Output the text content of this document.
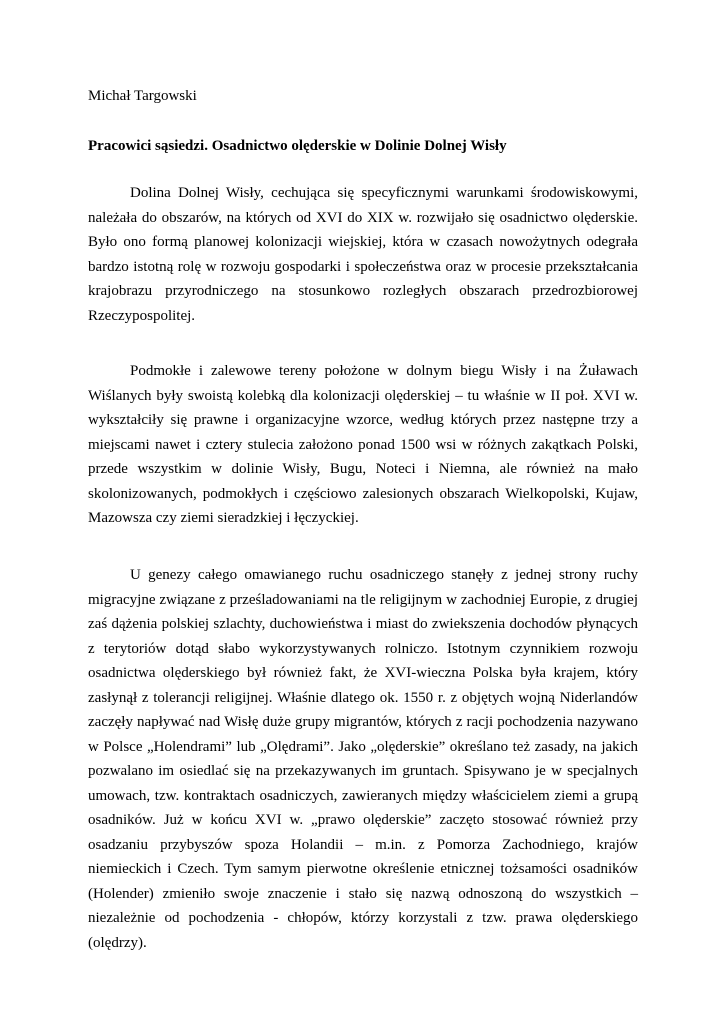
Michał Targowski
Pracowici sąsiedzi. Osadnictwo olęderskie w Dolinie Dolnej Wisły

Dolina Dolnej Wisły, cechująca się specyficznymi warunkami środowiskowymi, należała do obszarów, na których od XVI do XIX w. rozwijało się osadnictwo olęderskie. Było ono formą planowej kolonizacji wiejskiej, która w czasach nowożytnych odegrała bardzo istotną rolę w rozwoju gospodarki i społeczeństwa oraz w procesie przekształcania krajobrazu przyrodniczego na stosunkowo rozległych obszarach przedrozbiorowej Rzeczypospolitej.

Podmokłe i zalewowe tereny położone w dolnym biegu Wisły i na Żuławach Wiślanych były swoistą kolebką dla kolonizacji olęderskiej – tu właśnie w II poł. XVI w. wykształciły się prawne i organizacyjne wzorce, według których przez następne trzy a miejscami nawet i cztery stulecia założono ponad 1500 wsi w różnych zakątkach Polski, przede wszystkim w dolinie Wisły, Bugu, Noteci i Niemna, ale również na mało skolonizowanych, podmokłych i częściowo zalesionych obszarach Wielkopolski, Kujaw, Mazowsza czy ziemi sieradzkiej i łęczyckiej.

U genezy całego omawianego ruchu osadniczego stanęły z jednej strony ruchy migracyjne związane z prześladowaniami na tle religijnym w zachodniej Europie, z drugiej zaś dążenia polskiej szlachty, duchowieństwa i miast do zwiekszenia dochodów płynących z terytoriów dotąd słabo wykorzystywanych rolniczo. Istotnym czynnikiem rozwoju osadnictwa olęderskiego był również fakt, że XVI-wieczna Polska była krajem, który zasłynął z tolerancji religijnej. Właśnie dlatego ok. 1550 r. z objętych wojną Niderlandów zaczęły napływać nad Wisłę duże grupy migrantów, których z racji pochodzenia nazywano w Polsce „Holendrami” lub „Olędrami”. Jako „olęderskie” określano też zasady, na jakich pozwalano im osiedlać się na przekazywanych im gruntach. Spisywano je w specjalnych umowach, tzw. kontraktach osadniczych, zawieranych między właścicielem ziemi a grupą osadników. Już w końcu XVI w. „prawo olęderskie” zaczęto stosować również przy osadzaniu przybyszów spoza Holandii – m.in. z Pomorza Zachodniego, krajów niemieckich i Czech. Tym samym pierwotne określenie etnicznej tożsamości osadników (Holender) zmieniło swoje znaczenie i stało się nazwą odnoszoną do wszystkich – niezależnie od pochodzenia - chłopów, którzy korzystali z tzw. prawa olęderskiego (olędrzy).
